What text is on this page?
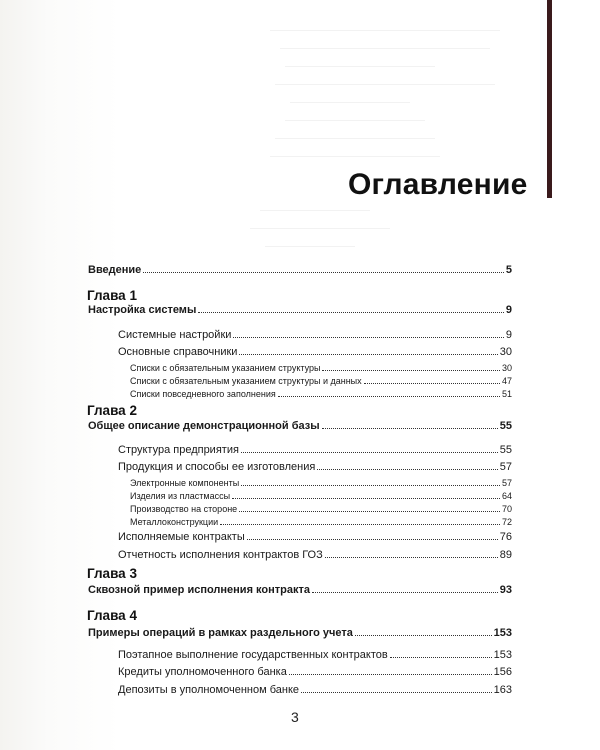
Оглавление
Введение	5
Глава 1
Настройка системы	9
Системные настройки	9
Основные справочники	30
Списки с обязательным указанием структуры	30
Списки с обязательным указанием структуры и данных	47
Списки повседневного заполнения	51
Глава 2
Общее описание демонстрационной базы	55
Структура предприятия	55
Продукция и способы ее изготовления	57
Электронные компоненты	57
Изделия из пластмассы	64
Производство на стороне	70
Металлоконструкции	72
Исполняемые контракты	76
Отчетность исполнения контрактов ГОЗ	89
Глава 3
Сквозной пример исполнения контракта	93
Глава 4
Примеры операций в рамках раздельного учета	153
Поэтапное выполнение государственных контрактов	153
Кредиты уполномоченного банка	156
Депозиты в уполномоченном банке	163
3
